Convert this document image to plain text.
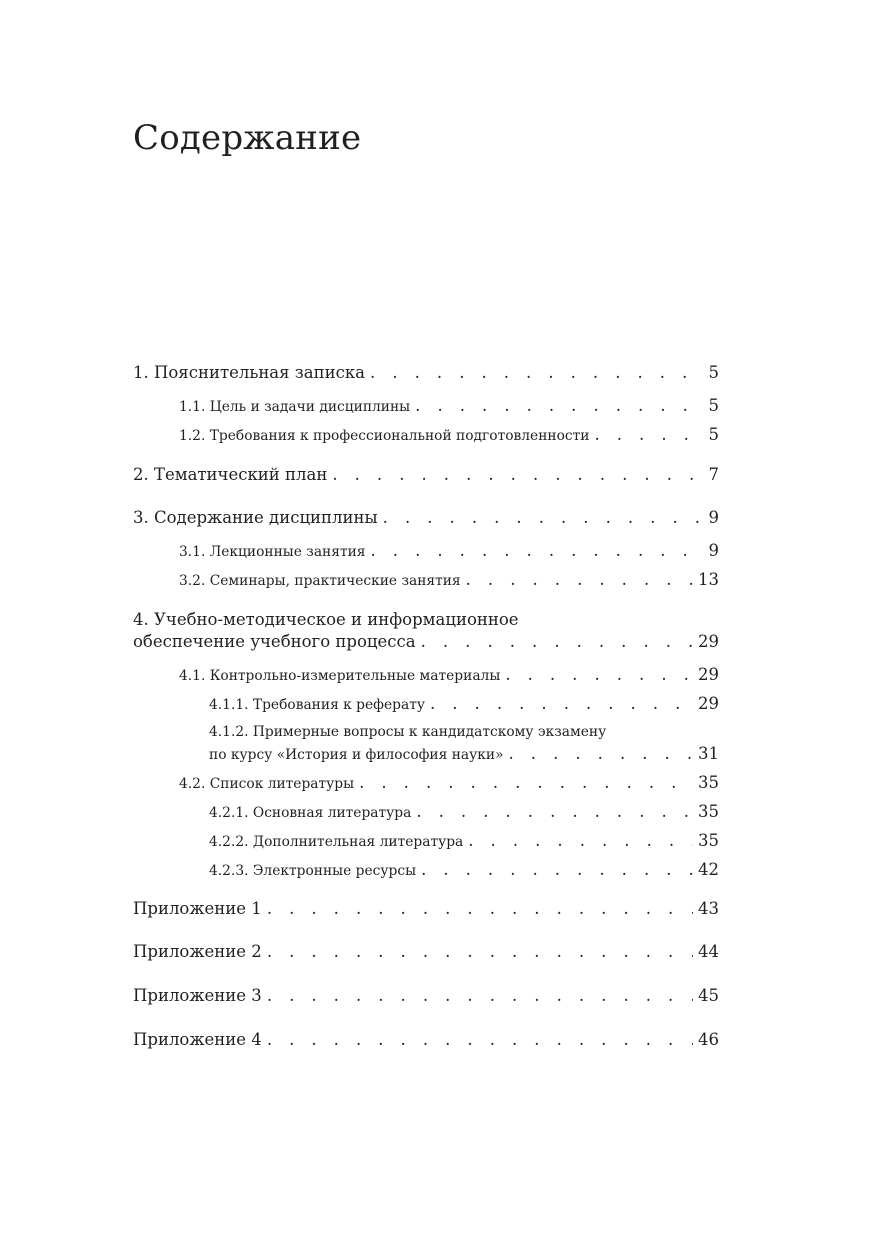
Содержание
1. Пояснительная записка . . .	5
1.1. Цель и задачи дисциплины . . .	5
1.2. Требования к профессиональной подготовленности . . .	5
2. Тематический план . . .	7
3. Содержание дисциплины . . .	9
3.1. Лекционные занятия . . .	9
3.2. Семинары, практические занятия . . .	13
4. Учебно-методическое и информационное
обеспечение учебного процесса . . .	29
4.1. Контрольно-измерительные материалы . . .	29
4.1.1. Требования к реферату . . .	29
4.1.2. Примерные вопросы к кандидатскому экзамену
по курсу «История и философия науки» . . .	31
4.2. Список литературы . . .	35
4.2.1. Основная литература . . .	35
4.2.2. Дополнительная литература . . .	35
4.2.3. Электронные ресурсы . . .	42
Приложение 1 . . .	43
Приложение 2 . . .	44
Приложение 3 . . .	45
Приложение 4 . . .	46
